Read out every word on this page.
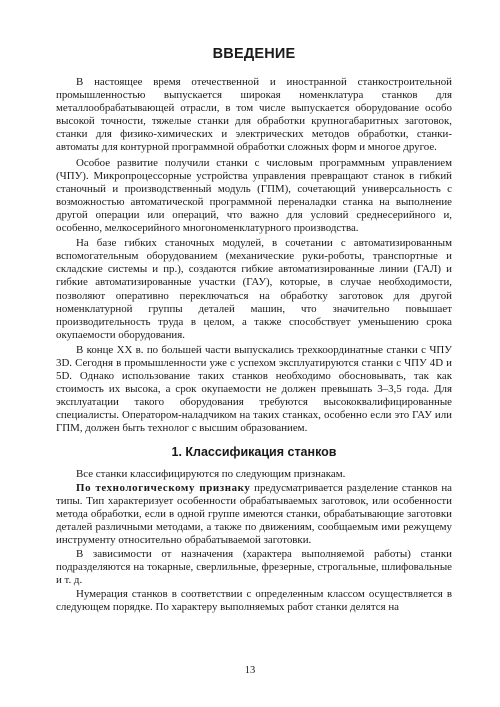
ВВЕДЕНИЕ

В настоящее время отечественной и иностранной станкостроительной промышленностью выпускается широкая номенклатура станков для металлообрабатывающей отрасли, в том числе выпускается оборудование особо высокой точности, тяжелые станки для обработки крупногабаритных заготовок, станки для физико-химических и электрических методов обработки, станки-автоматы для контурной программной обработки сложных форм и многое другое.

Особое развитие получили станки с числовым программным управлением (ЧПУ). Микропроцессорные устройства управления превращают станок в гибкий станочный и производственный модуль (ГПМ), сочетающий универсальность с возможностью автоматической программной переналадки станка на выполнение другой операции или операций, что важно для условий среднесерийного и, особенно, мелкосерийного многономенклатурного производства.

На базе гибких станочных модулей, в сочетании с автоматизированным вспомогательным оборудованием (механические руки-роботы, транспортные и складские системы и пр.), создаются гибкие автоматизированные линии (ГАЛ) и гибкие автоматизированные участки (ГАУ), которые, в случае необходимости, позволяют оперативно переключаться на обработку заготовок для другой номенклатурной группы деталей машин, что значительно повышает производительность труда в целом, а также способствует уменьшению срока окупаемости оборудования.

В конце XX в. по большей части выпускались трехкоординатные станки с ЧПУ 3D. Сегодня в промышленности уже с успехом эксплуатируются станки с ЧПУ 4D и 5D. Однако использование таких станков необходимо обосновывать, так как стоимость их высока, а срок окупаемости не должен превышать 3–3,5 года. Для эксплуатации такого оборудования требуются высококвалифицированные специалисты. Оператором-наладчиком на таких станках, особенно если это ГАУ или ГПМ, должен быть технолог с высшим образованием.

1. Классификация станков

Все станки классифицируются по следующим признакам.

По технологическому признаку предусматривается разделение станков на типы. Тип характеризует особенности обрабатываемых заготовок, или особенности метода обработки, если в одной группе имеются станки, обрабатывающие заготовки деталей различными методами, а также по движениям, сообщаемым ими режущему инструменту относительно обрабатываемой заготовки.

В зависимости от назначения (характера выполняемой работы) станки подразделяются на токарные, сверлильные, фрезерные, строгальные, шлифовальные и т. д.

Нумерация станков в соответствии с определенным классом осуществляется в следующем порядке. По характеру выполняемых работ станки делятся на

13
